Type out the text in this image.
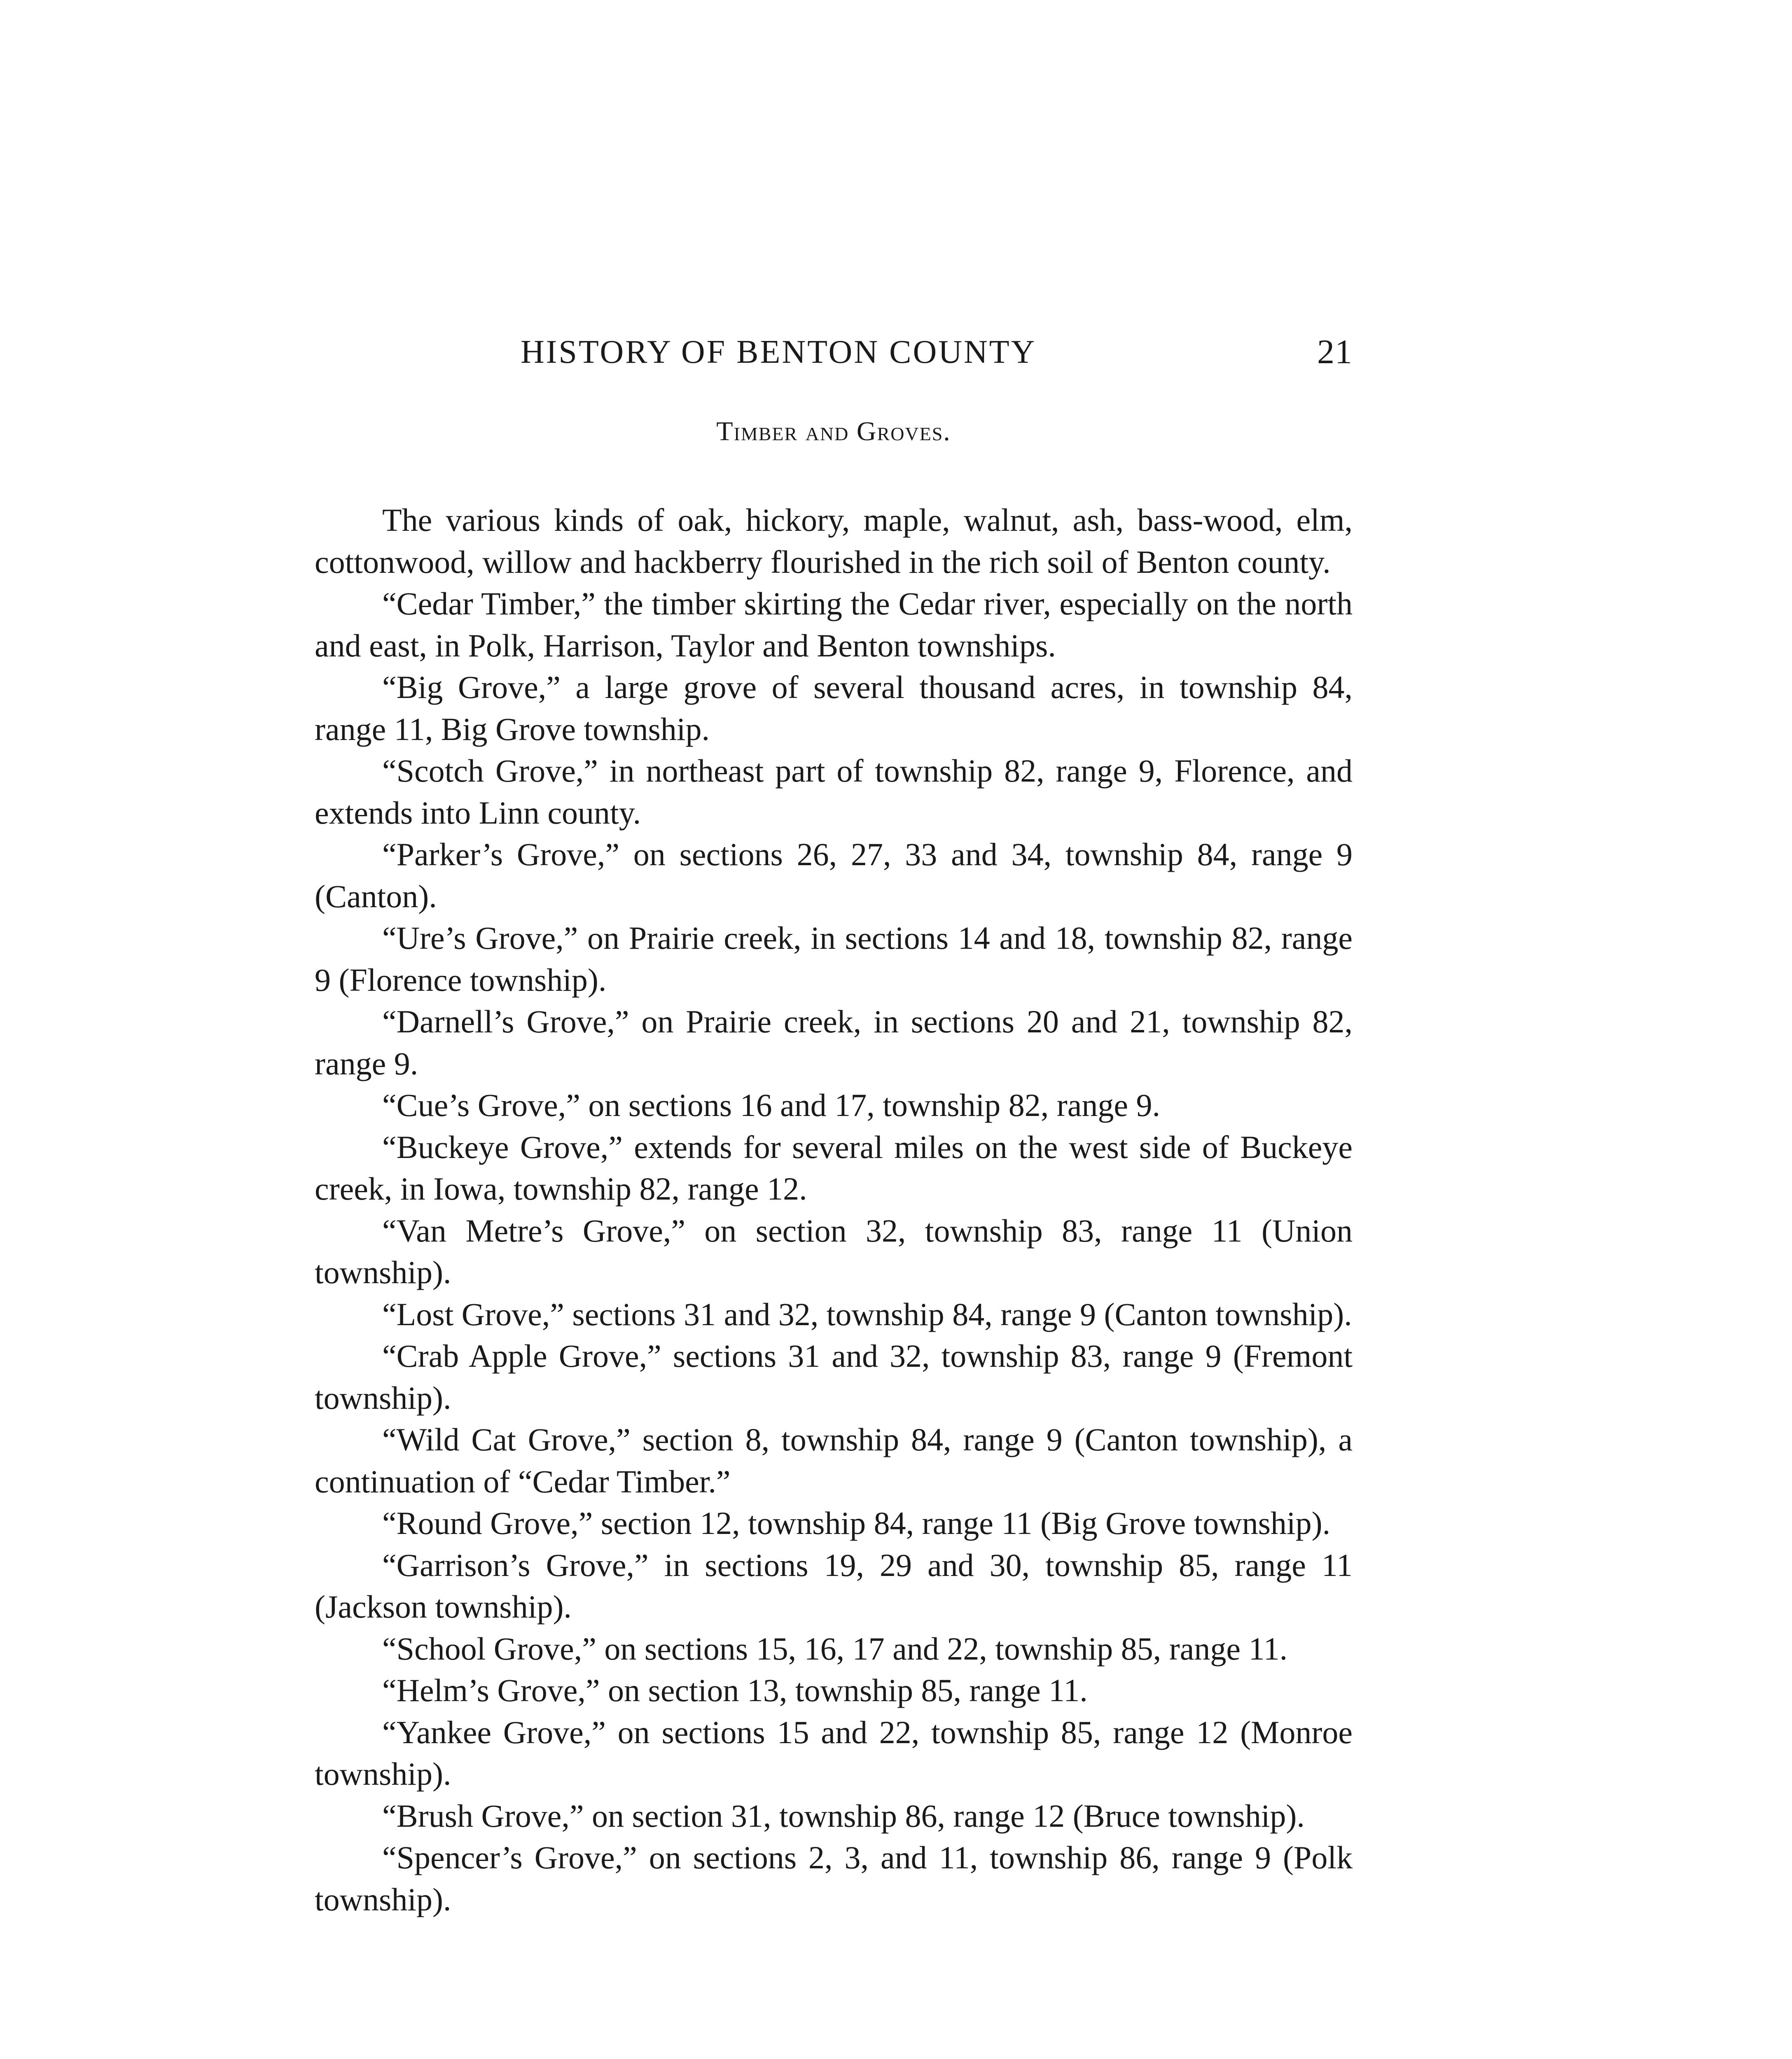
HISTORY OF BENTON COUNTY	21
Timber and Groves.

The various kinds of oak, hickory, maple, walnut, ash, bass-wood, elm, cottonwood, willow and hackberry flourished in the rich soil of Benton county.

“Cedar Timber,” the timber skirting the Cedar river, especially on the north and east, in Polk, Harrison, Taylor and Benton townships.

“Big Grove,” a large grove of several thousand acres, in township 84, range 11, Big Grove township.

“Scotch Grove,” in northeast part of township 82, range 9, Florence, and extends into Linn county.

“Parker’s Grove,” on sections 26, 27, 33 and 34, township 84, range 9 (Canton).

“Ure’s Grove,” on Prairie creek, in sections 14 and 18, township 82, range 9 (Florence township).

“Darnell’s Grove,” on Prairie creek, in sections 20 and 21, township 82, range 9.

“Cue’s Grove,” on sections 16 and 17, township 82, range 9.

“Buckeye Grove,” extends for several miles on the west side of Buckeye creek, in Iowa, township 82, range 12.

“Van Metre’s Grove,” on section 32, township 83, range 11 (Union township).

“Lost Grove,” sections 31 and 32, township 84, range 9 (Canton township).

“Crab Apple Grove,” sections 31 and 32, township 83, range 9 (Fremont township).

“Wild Cat Grove,” section 8, township 84, range 9 (Canton township), a continuation of “Cedar Timber.”

“Round Grove,” section 12, township 84, range 11 (Big Grove township).

“Garrison’s Grove,” in sections 19, 29 and 30, township 85, range 11 (Jackson township).

“School Grove,” on sections 15, 16, 17 and 22, township 85, range 11.

“Helm’s Grove,” on section 13, township 85, range 11.

“Yankee Grove,” on sections 15 and 22, township 85, range 12 (Monroe township).

“Brush Grove,” on section 31, township 86, range 12 (Bruce township).

“Spencer’s Grove,” on sections 2, 3, and 11, township 86, range 9 (Polk township).
